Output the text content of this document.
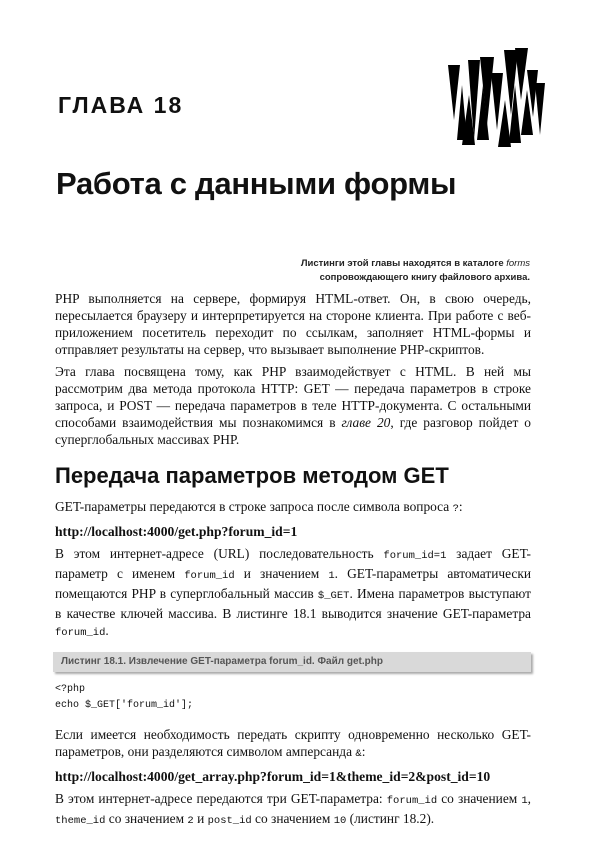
ГЛАВА 18
Работа с данными формы
Листинги этой главы находятся в каталоге forms
сопровождающего книгу файлового архива.

PHP выполняется на сервере, формируя HTML-ответ. Он, в свою очередь, пересылается браузеру и интерпретируется на стороне клиента. При работе с веб-приложением посетитель переходит по ссылкам, заполняет HTML-формы и отправляет результаты на сервер, что вызывает выполнение PHP-скриптов.

Эта глава посвящена тому, как PHP взаимодействует с HTML. В ней мы рассмотрим два метода протокола HTTP: GET — передача параметров в строке запроса, и POST — передача параметров в теле HTTP-документа. С остальными способами взаимодействия мы познакомимся в главе 20, где разговор пойдет о суперглобальных массивах PHP.

Передача параметров методом GET

GET-параметры передаются в строке запроса после символа вопроса ?:

http://localhost:4000/get.php?forum_id=1

В этом интернет-адресе (URL) последовательность forum_id=1 задает GET-параметр с именем forum_id и значением 1. GET-параметры автоматически помещаются PHP в суперглобальный массив $_GET. Имена параметров выступают в качестве ключей массива. В листинге 18.1 выводится значение GET-параметра forum_id.

Листинг 18.1. Извлечение GET-параметра forum_id. Файл get.php
<?php
echo $_GET['forum_id'];

Если имеется необходимость передать скрипту одновременно несколько GET-параметров, они разделяются символом амперсанда &:

http://localhost:4000/get_array.php?forum_id=1&theme_id=2&post_id=10

В этом интернет-адресе передаются три GET-параметра: forum_id со значением 1, theme_id со значением 2 и post_id со значением 10 (листинг 18.2).
